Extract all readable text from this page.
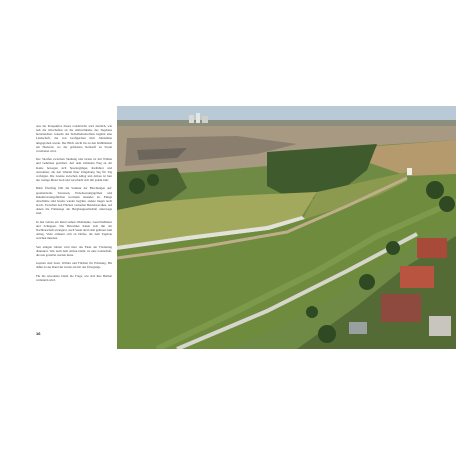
Aus der Perspektive dieses Landstrichs wird deutlich, wie nah die Ortschaften an die Abbruchkante des Tagebaus heranreichen. Jenseits des Sicherheitsstreifens beginnt eine Landschaft, die von Großgeräten über Jahrzehnte umgegraben wurde. Der Blick reicht bis zu den Kühltürmen am Horizont, wo der geförderte Rohstoff zu Strom verarbeitet wird.

Der Streifen zwischen Siedlung und Grube ist mit Wällen und Gehölzen gesichert. Auf dem schmalen Weg an der Kante bewegen sich Spaziergänger, Radfahrer und Anwohner, die den Wandel ihrer Umgebung Tag für Tag verfolgen. Die Grenze zwischen Alltag und Abbau ist hier nur wenige Meter breit und verschiebt sich mit jedem Jahr.

Beim Überflug fällt die Struktur der Böschungen auf: geometrische Terrassen, Entwässerungsgräben und Rekultivierungsflächen wechseln einander ab. Einige Abschnitte sind bereits wieder begrünt, andere liegen noch brach. Zwischen den Flächen verlaufen Betriebsstraßen, auf denen die Fahrzeuge der Bergbaugesellschaft unterwegs sind.

In den Gärten am Rand stehen Obstbäume, Gewächshäuser und Schuppen. Die Bewohner haben sich mit der Nachbarschaft arrangiert, doch Staub und Lärm gehören zum Alltag. Viele erinnern sich an Dörfer, die dem Tagebau weichen mussten.

Seit einigen Jahren wird über das Ende der Förderung diskutiert. Was nach dem Abbau bleibt, ist eine Landschaft, die neu gestaltet werden muss.

Geplant sind Seen, Wälder und Flächen für Erholung. Bis dahin ist der Rand der Grube ein Ort des Übergangs.

Für die Anwohner bleibt die Frage, wie sich ihre Heimat verändern wird.

16
